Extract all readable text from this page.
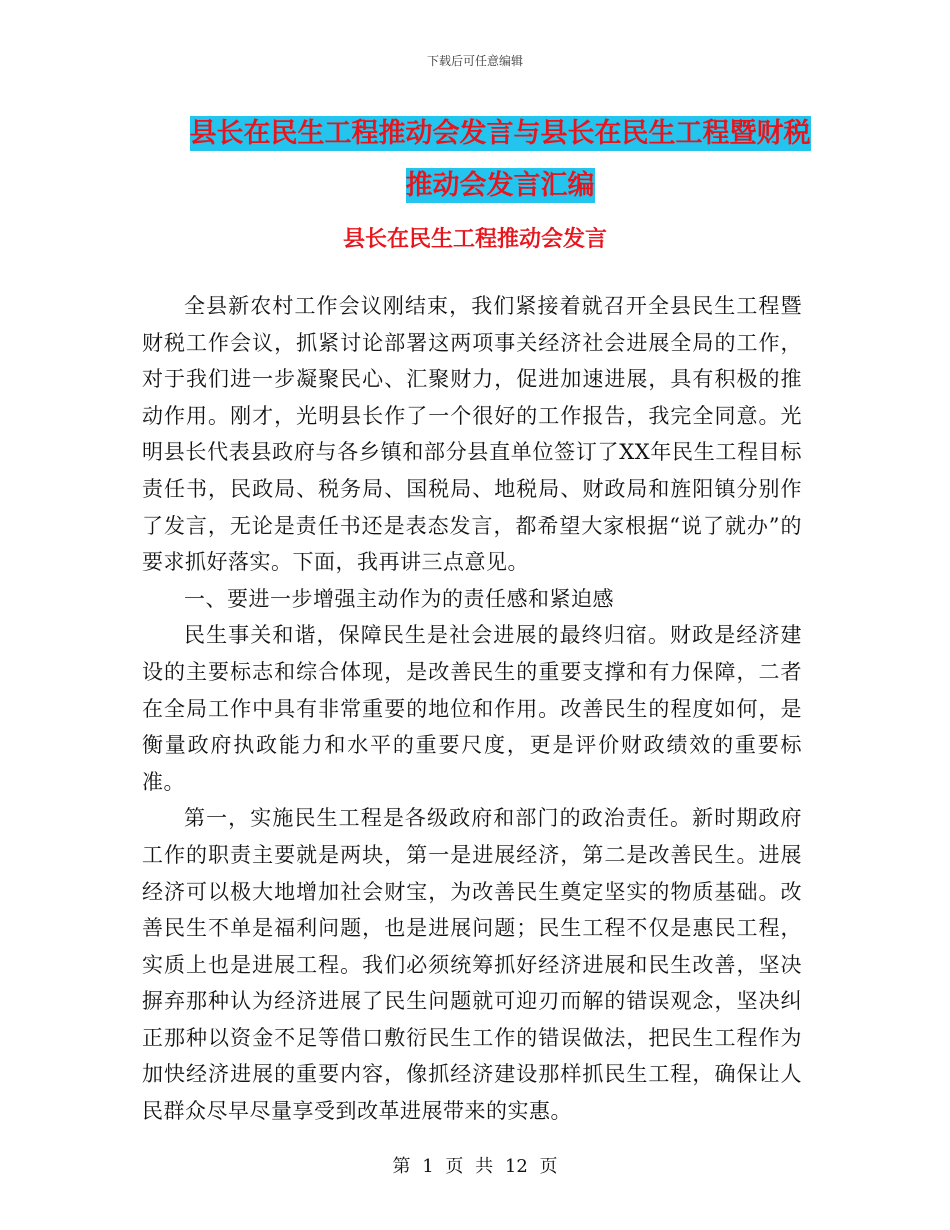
下载后可任意编辑
县长在民生工程推动会发言与县长在民生工程暨财税
推动会发言汇编
县长在民生工程推动会发言

全县新农村工作会议刚结束，我们紧接着就召开全县民生工程暨财税工作会议，抓紧讨论部署这两项事关经济社会进展全局的工作，对于我们进一步凝聚民心、汇聚财力，促进加速进展，具有积极的推动作用。刚才，光明县长作了一个很好的工作报告，我完全同意。光明县长代表县政府与各乡镇和部分县直单位签订了XX年民生工程目标责任书，民政局、税务局、国税局、地税局、财政局和旌阳镇分别作了发言，无论是责任书还是表态发言，都希望大家根据“说了就办”的要求抓好落实。下面，我再讲三点意见。

一、要进一步增强主动作为的责任感和紧迫感

民生事关和谐，保障民生是社会进展的最终归宿。财政是经济建设的主要标志和综合体现，是改善民生的重要支撑和有力保障，二者在全局工作中具有非常重要的地位和作用。改善民生的程度如何，是衡量政府执政能力和水平的重要尺度，更是评价财政绩效的重要标准。

第一，实施民生工程是各级政府和部门的政治责任。新时期政府工作的职责主要就是两块，第一是进展经济，第二是改善民生。进展经济可以极大地增加社会财宝，为改善民生奠定坚实的物质基础。改善民生不单是福利问题，也是进展问题；民生工程不仅是惠民工程，实质上也是进展工程。我们必须统筹抓好经济进展和民生改善，坚决摒弃那种认为经济进展了民生问题就可迎刃而解的错误观念，坚决纠正那种以资金不足等借口敷衍民生工作的错误做法，把民生工程作为加快经济进展的重要内容，像抓经济建设那样抓民生工程，确保让人民群众尽早尽量享受到改革进展带来的实惠。

第 1 页 共 12 页
